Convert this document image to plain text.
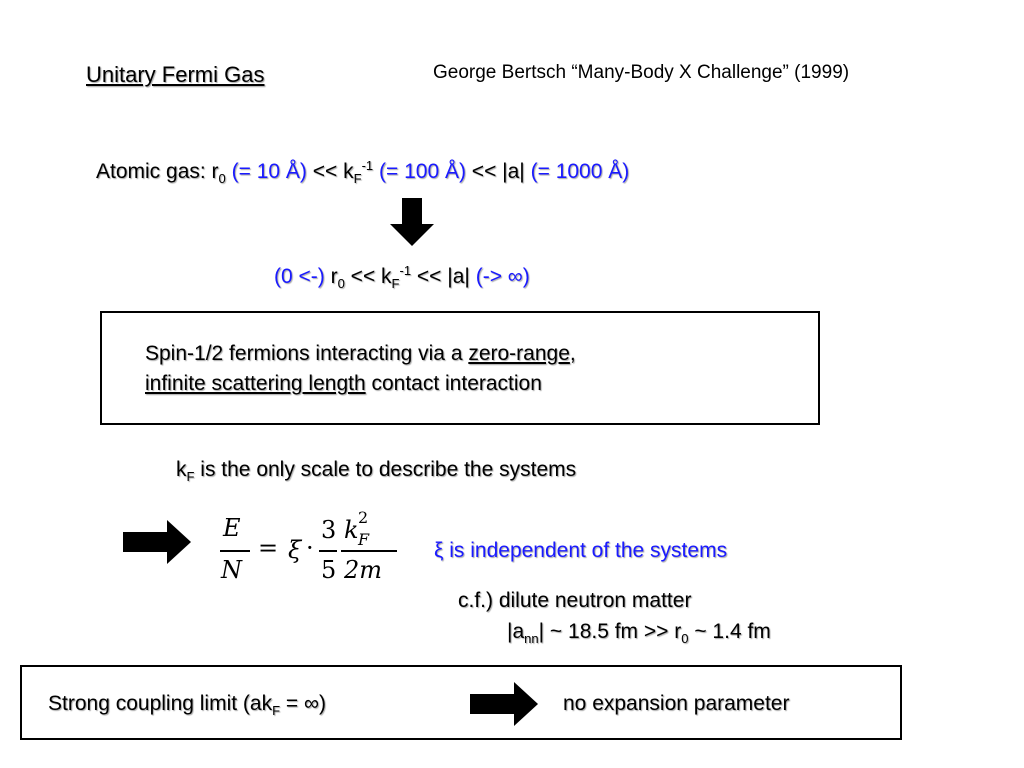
Unitary Fermi Gas	George Bertsch “Many-Body X Challenge” (1999)
Atomic gas: $r_0$ (= 10 Å) << $k_F^{-1}$ (= 100 Å) << |a| (= 1000 Å)
(0 <-) $r_0 << k_F^{-1} << |a|$ (-> ∞)
Spin-1/2 fermions interacting via a zero-range,
infinite scattering length contact interaction
$k_F$ is the only scale to describe the systems
E
N
= ξ ·
3
5
k 2
F
2m
ξ is independent of the systems
c.f.) dilute neutron matter
$|a_{nn}|$ ~ 18.5 fm >> $r_0$ ~ 1.4 fm
Strong coupling limit ($ak_F$ = ∞)	no expansion parameter
